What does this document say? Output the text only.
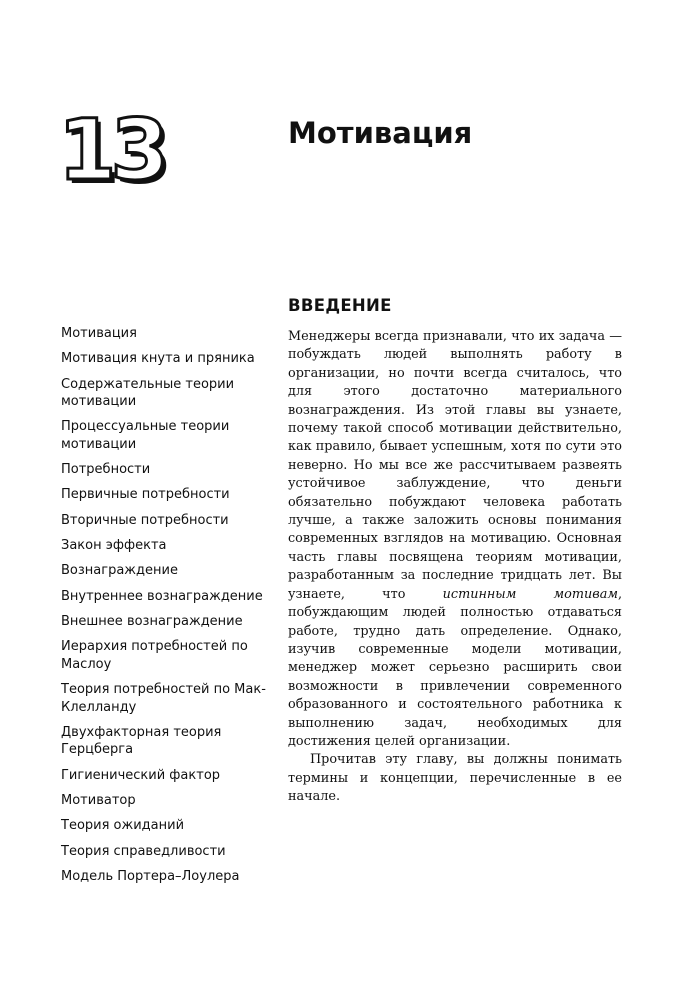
13	Мотивация
ВВЕДЕНИЕ
Мотивация
Мотивация кнута и пряника
Содержательные теории мотивации
Процессуальные теории мотивации
Потребности
Первичные потребности
Вторичные потребности
Закон эффекта
Вознаграждение
Внутреннее вознаграждение
Внешнее вознаграждение
Иерархия потребностей по Маслоу
Теория потребностей по Мак-Клелланду
Двухфакторная теория Герцберга
Гигиенический фактор
Мотиватор
Теория ожиданий
Теория справедливости
Модель Портера–Лоулера

Менеджеры всегда признавали, что их задача — побуждать людей выполнять работу в организации, но почти всегда считалось, что для этого достаточно материального вознаграждения. Из этой главы вы узнаете, почему такой способ мотивации действительно, как правило, бывает успешным, хотя по сути это неверно. Но мы все же рассчитываем развеять устойчивое заблуждение, что деньги обязательно побуждают человека работать лучше, а также заложить основы понимания современных взглядов на мотивацию. Основная часть главы посвящена теориям мотивации, разработанным за последние тридцать лет. Вы узнаете, что истинным мотивам, побуждающим людей полностью отдаваться работе, трудно дать определение. Однако, изучив современные модели мотивации, менеджер может серьезно расширить свои возможности в привлечении современного образованного и состоятельного работника к выполнению задач, необходимых для достижения целей организации.

Прочитав эту главу, вы должны понимать термины и концепции, перечисленные в ее начале.
